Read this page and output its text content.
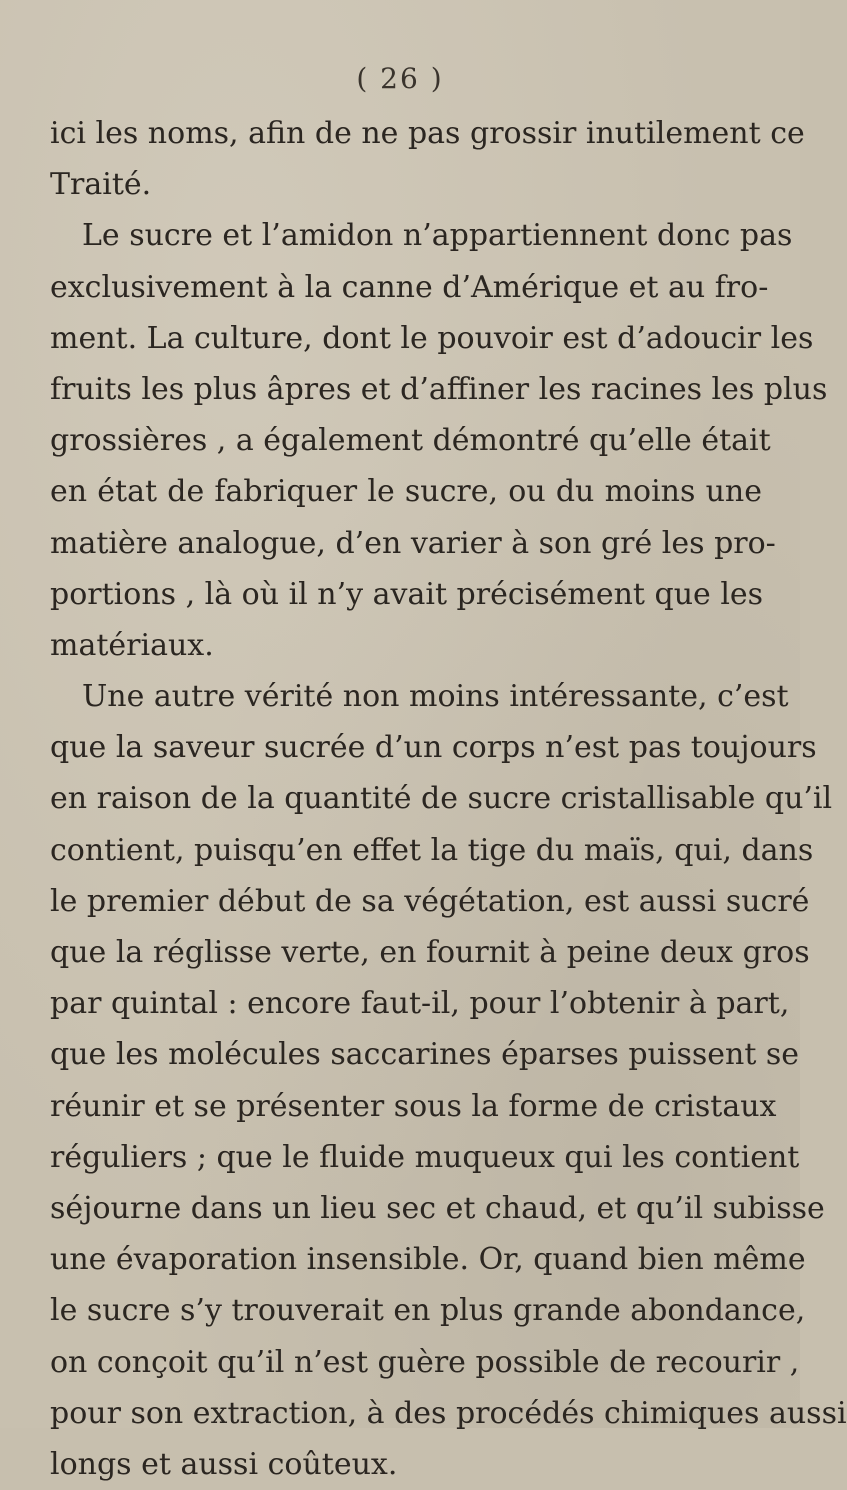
( 26 )
ici les noms, afin de ne pas grossir inutilement ce
Traité.
Le sucre et l’amidon n’appartiennent donc pas
exclusivement à la canne d’Amérique et au fro-
ment. La culture, dont le pouvoir est d’adoucir les
fruits les plus âpres et d’affiner les racines les plus
grossières , a également démontré qu’elle était
en état de fabriquer le sucre, ou du moins une
matière analogue, d’en varier à son gré les pro-
portions , là où il n’y avait précisément que les
matériaux.
Une autre vérité non moins intéressante, c’est
que la saveur sucrée d’un corps n’est pas toujours
en raison de la quantité de sucre cristallisable qu’il
contient, puisqu’en effet la tige du maïs, qui, dans
le premier début de sa végétation, est aussi sucré
que la réglisse verte, en fournit à peine deux gros
par quintal : encore faut-il, pour l’obtenir à part,
que les molécules saccarines éparses puissent se
réunir et se présenter sous la forme de cristaux
réguliers ; que le fluide muqueux qui les contient
séjourne dans un lieu sec et chaud, et qu’il subisse
une évaporation insensible. Or, quand bien même
le sucre s’y trouverait en plus grande abondance,
on conçoit qu’il n’est guère possible de recourir ,
pour son extraction, à des procédés chimiques aussi
longs et aussi coûteux.
